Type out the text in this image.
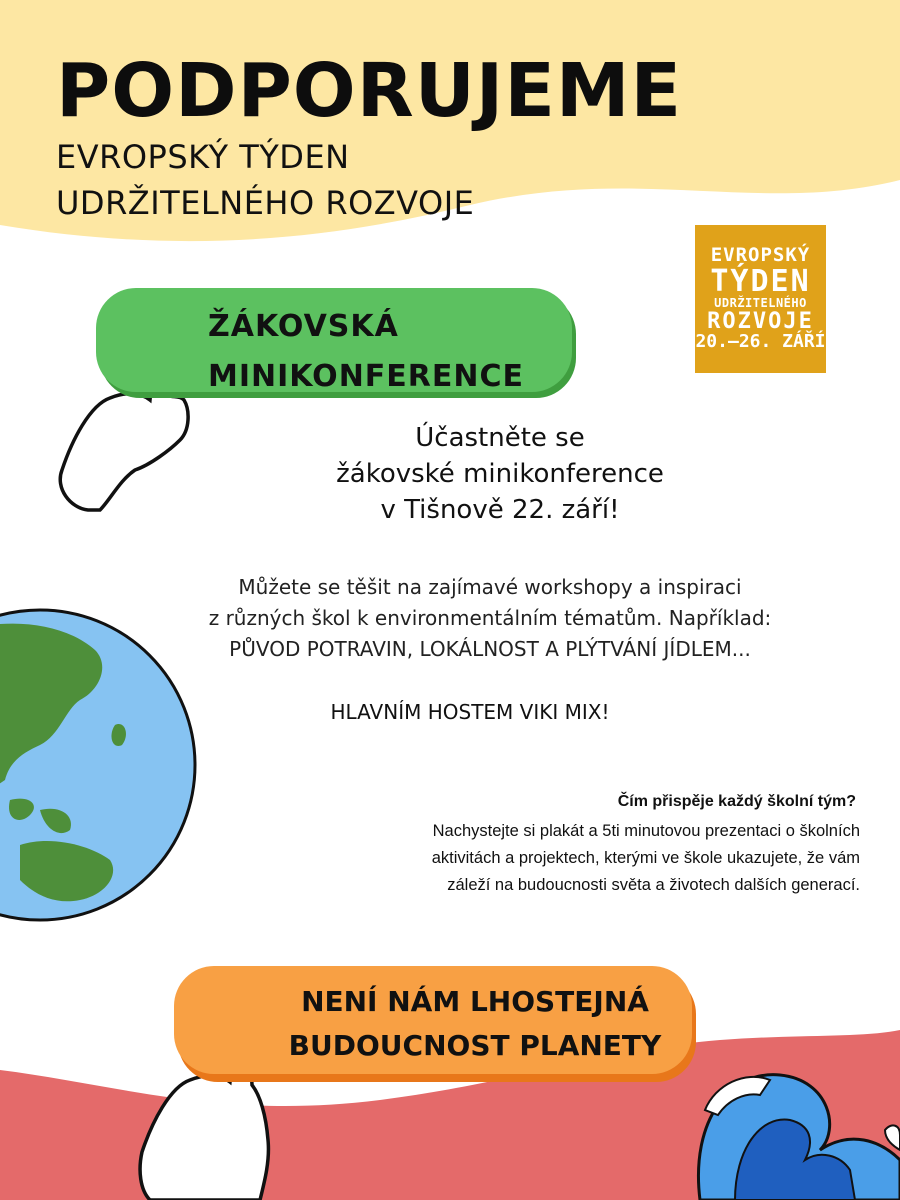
PODPORUJEME
EVROPSKÝ TÝDEN
UDRŽITELNÉHO ROZVOJE
EVROPSKÝ
TÝDEN
UDRŽITELNÉHO
ROZVOJE
20.–26. ZÁŘÍ
ŽÁKOVSKÁ
MINIKONFERENCE
Účastněte se
žákovské minikonference
v Tišnově 22. září!
Můžete se těšit na zajímavé workshopy a inspiraci
z různých škol k environmentálním tématům. Například:
PŮVOD POTRAVIN, LOKÁLNOST A PLÝTVÁNÍ JÍDLEM...
HLAVNÍM HOSTEM VIKI MIX!
Čím přispěje každý školní tým?
Nachystejte si plakát a 5ti minutovou prezentaci o školních
aktivitách a projektech, kterými ve škole ukazujete, že vám
záleží na budoucnosti světa a životech dalších generací.
NENÍ NÁM LHOSTEJNÁ
BUDOUCNOST PLANETY
